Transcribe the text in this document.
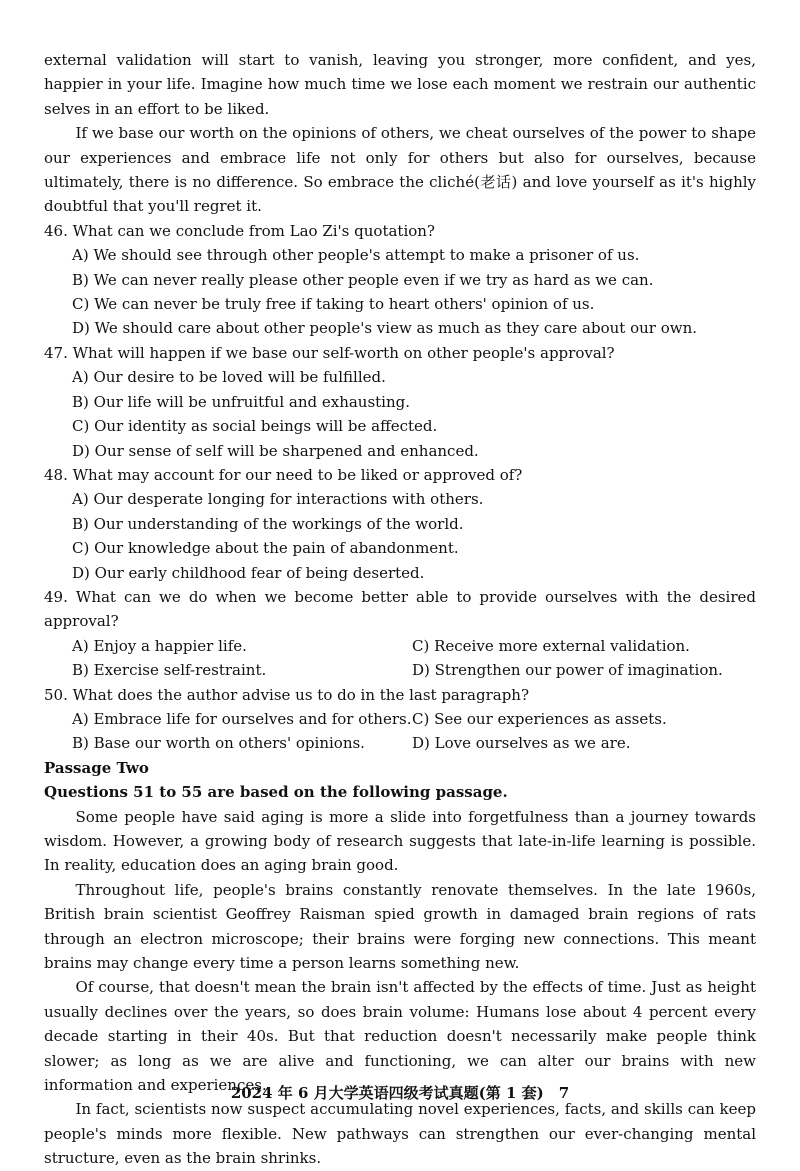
external validation will start to vanish, leaving you stronger, more confident, and yes, happier in your life. Imagine how much time we lose each moment we restrain our authentic selves in an effort to be liked.

If we base our worth on the opinions of others, we cheat ourselves of the power to shape our experiences and embrace life not only for others but also for ourselves, because ultimately, there is no difference. So embrace the cliché(老话) and love yourself as it's highly doubtful that you'll regret it.

46. What can we conclude from Lao Zi's quotation?

A) We should see through other people's attempt to make a prisoner of us.

B) We can never really please other people even if we try as hard as we can.

C) We can never be truly free if taking to heart others' opinion of us.

D) We should care about other people's view as much as they care about our own.

47. What will happen if we base our self-worth on other people's approval?

A) Our desire to be loved will be fulfilled.

B) Our life will be unfruitful and exhausting.

C) Our identity as social beings will be affected.

D) Our sense of self will be sharpened and enhanced.

48. What may account for our need to be liked or approved of?

A) Our desperate longing for interactions with others.

B) Our understanding of the workings of the world.

C) Our knowledge about the pain of abandonment.

D) Our early childhood fear of being deserted.

49. What can we do when we become better able to provide ourselves with the desired approval?

A) Enjoy a happier life.	C) Receive more external validation.
B) Exercise self-restraint.	D) Strengthen our power of imagination.

50. What does the author advise us to do in the last paragraph?

A) Embrace life for ourselves and for others. C) See our experiences as assets.
B) Base our worth on others' opinions.	D) Love ourselves as we are.

Passage Two

Questions 51 to 55 are based on the following passage.

Some people have said aging is more a slide into forgetfulness than a journey towards wisdom. However, a growing body of research suggests that late-in-life learning is possible. In reality, education does an aging brain good.

Throughout life, people's brains constantly renovate themselves. In the late 1960s, British brain scientist Geoffrey Raisman spied growth in damaged brain regions of rats through an electron microscope; their brains were forging new connections. This meant brains may change every time a person learns something new.

Of course, that doesn't mean the brain isn't affected by the effects of time. Just as height usually declines over the years, so does brain volume: Humans lose about 4 percent every decade starting in their 40s. But that reduction doesn't necessarily make people think slower; as long as we are alive and functioning, we can alter our brains with new information and experiences.

In fact, scientists now suspect accumulating novel experiences, facts, and skills can keep people's minds more flexible. New pathways can strengthen our ever-changing mental structure, even as the brain shrinks.

2024 年 6 月大学英语四级考试真题(第 1 套)　7
